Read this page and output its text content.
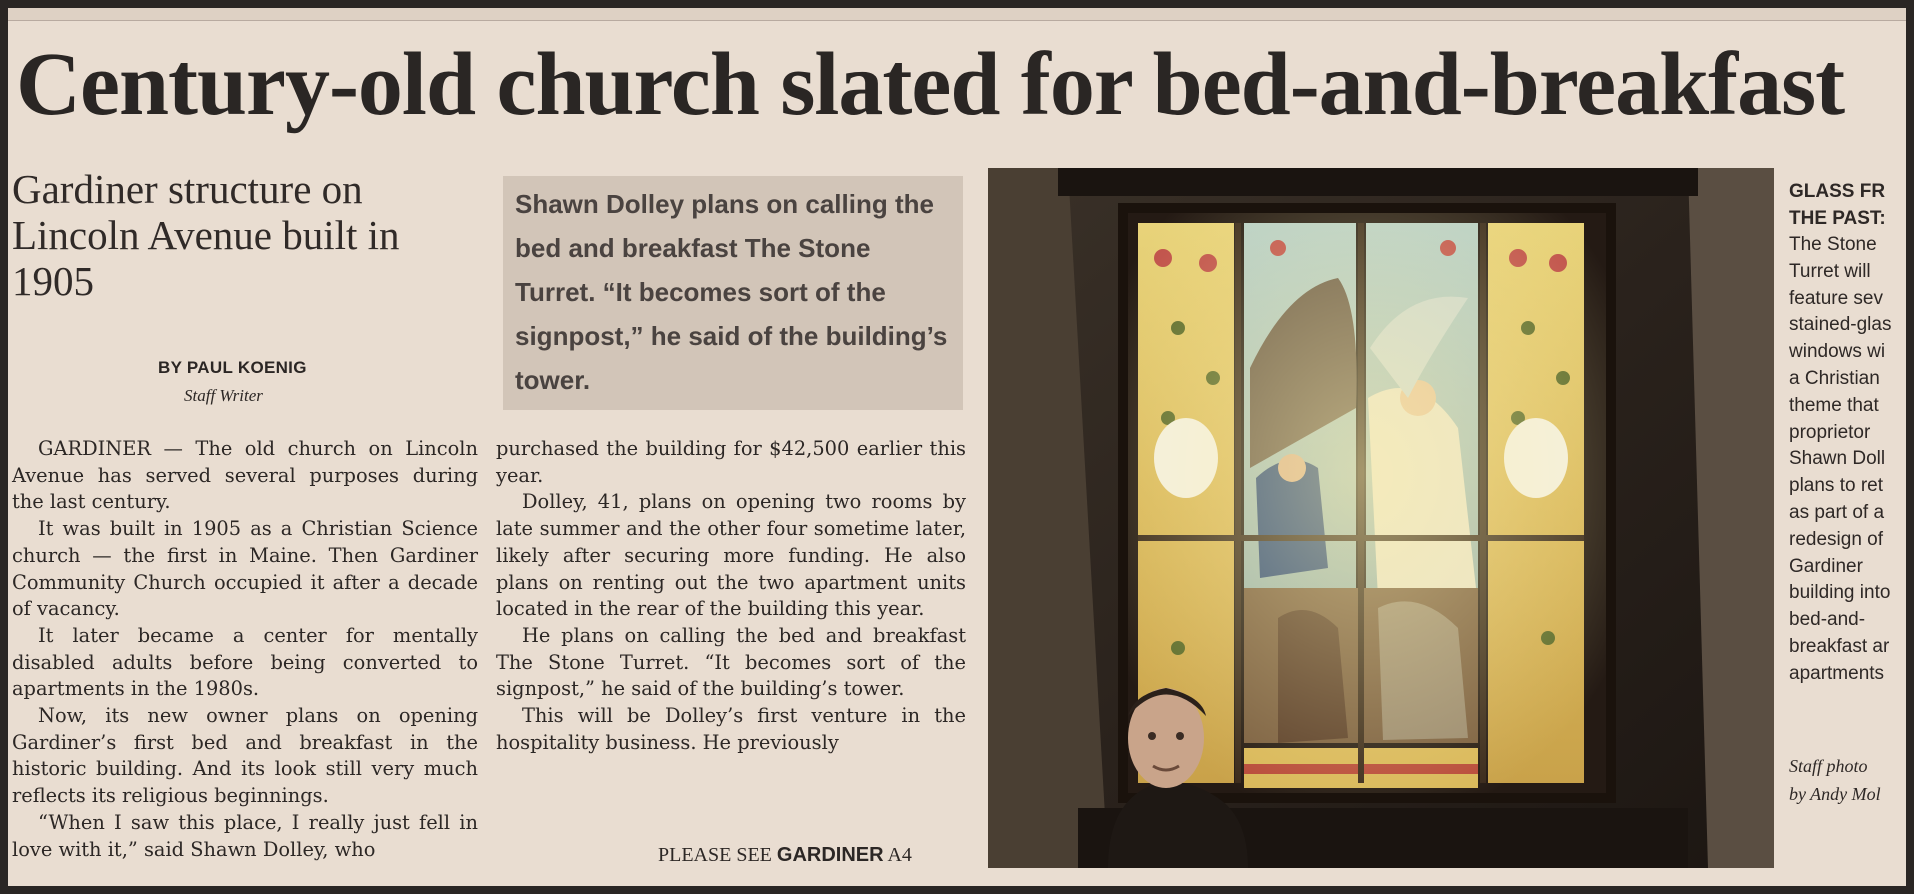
Century-old church slated for bed-and-breakfast
Gardiner structure on Lincoln Avenue built in 1905
BY PAUL KOENIG
Staff Writer

GARDINER — The old church on Lincoln Avenue has served several purposes during the last century.

It was built in 1905 as a Christian Science church — the first in Maine. Then Gardiner Community Church occupied it after a decade of vacancy.

It later became a center for mentally disabled adults before being converted to apartments in the 1980s.

Now, its new owner plans on opening Gardiner’s first bed and breakfast in the historic building. And its look still very much reflects its religious beginnings.

“When I saw this place, I really just fell in love with it,” said Shawn Dolley, who

Shawn Dolley plans on calling the bed and breakfast The Stone Turret. “It becomes sort of the signpost,” he said of the building’s tower.

purchased the building for $42,500 earlier this year.

Dolley, 41, plans on opening two rooms by late summer and the other four sometime later, likely after securing more funding. He also plans on renting out the two apartment units located in the rear of the building this year.

He plans on calling the bed and breakfast The Stone Turret. “It becomes sort of the signpost,” he said of the building’s tower.

This will be Dolley’s first venture in the hospitality business. He previously

PLEASE SEE GARDINER A4
GLASS FR
THE PAST:
The Stone
Turret will
feature sev
stained-glas
windows wi
a Christian
theme that
proprietor
Shawn Doll
plans to ret
as part of a
redesign of
Gardiner
building into
bed-and-
breakfast ar
apartments
Staff photo
by Andy Mol
